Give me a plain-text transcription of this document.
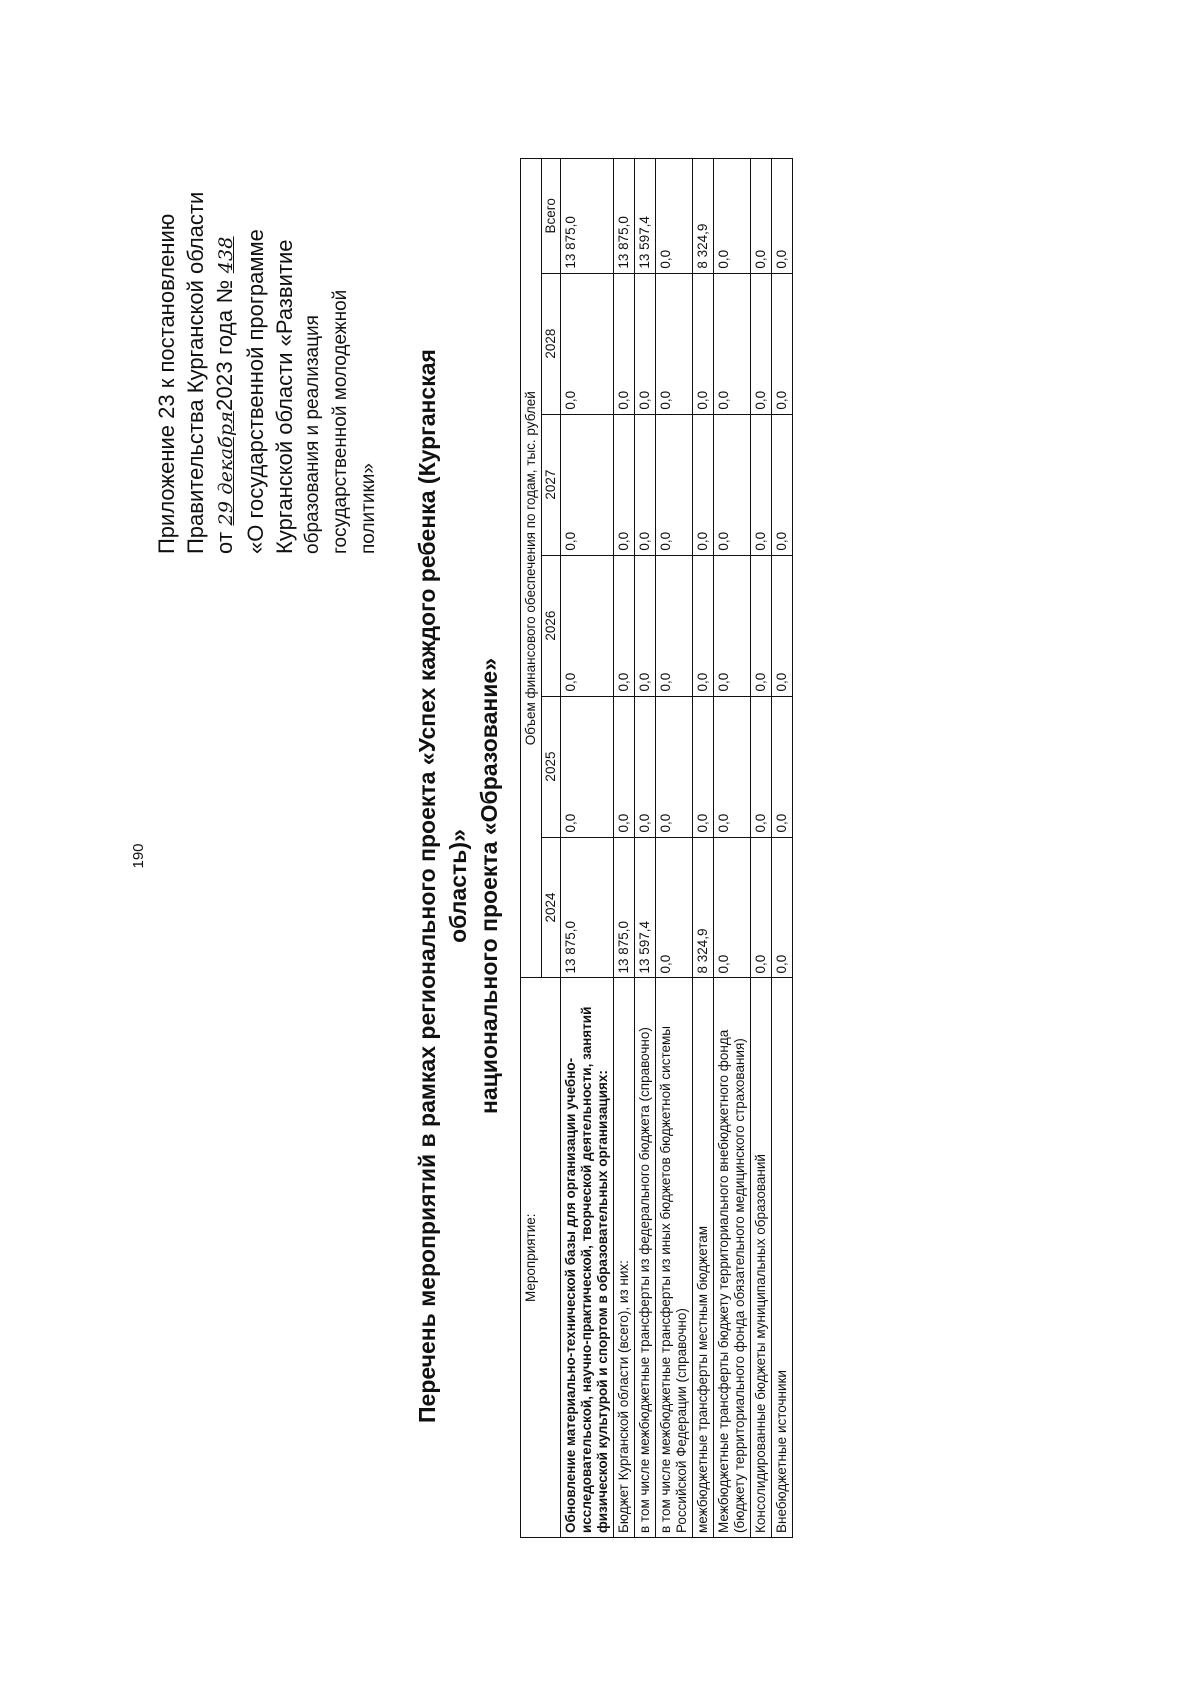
190
Приложение 23 к постановлению Правительства Курганской области от 29 декабря2023 года № 438 «О государственной программе Курганской области «Развитие образования и реализация государственной молодежной политики» Перечень мероприятий в рамках регионального проекта «Успех каждого ребенка (Курганская область)» национального проекта «Образование»
Мероприятие:	Объем финансового обеспечения по годам, тыс. рублей					
	2024	2025	2026	2027	2028	Всего
Обновление материально-технической базы для организации учебно-исследовательской, научно-практической, творческой деятельности, занятий физической культурой и спортом в образовательных организациях:	13 875,0	0,0	0,0	0,0	0,0	13 875,0
Бюджет Курганской области (всего), из них:	13 875,0	0,0	0,0	0,0	0,0	13 875,0
в том числе межбюджетные трансферты из федерального бюджета (справочно)	13 597,4	0,0	0,0	0,0	0,0	13 597,4
в том числе межбюджетные трансферты из иных бюджетов бюджетной системы Российской Федерации (справочно)	0,0	0,0	0,0	0,0	0,0	0,0
межбюджетные трансферты местным бюджетам	8 324,9	0,0	0,0	0,0	0,0	8 324,9
Межбюджетные трансферты бюджету территориального внебюджетного фонда (бюджету территориального фонда обязательного медицинского страхования)	0,0	0,0	0,0	0,0	0,0	0,0
Консолидированные бюджеты муниципальных образований	0,0	0,0	0,0	0,0	0,0	0,0
Внебюджетные источники	0,0	0,0	0,0	0,0	0,0	0,0
